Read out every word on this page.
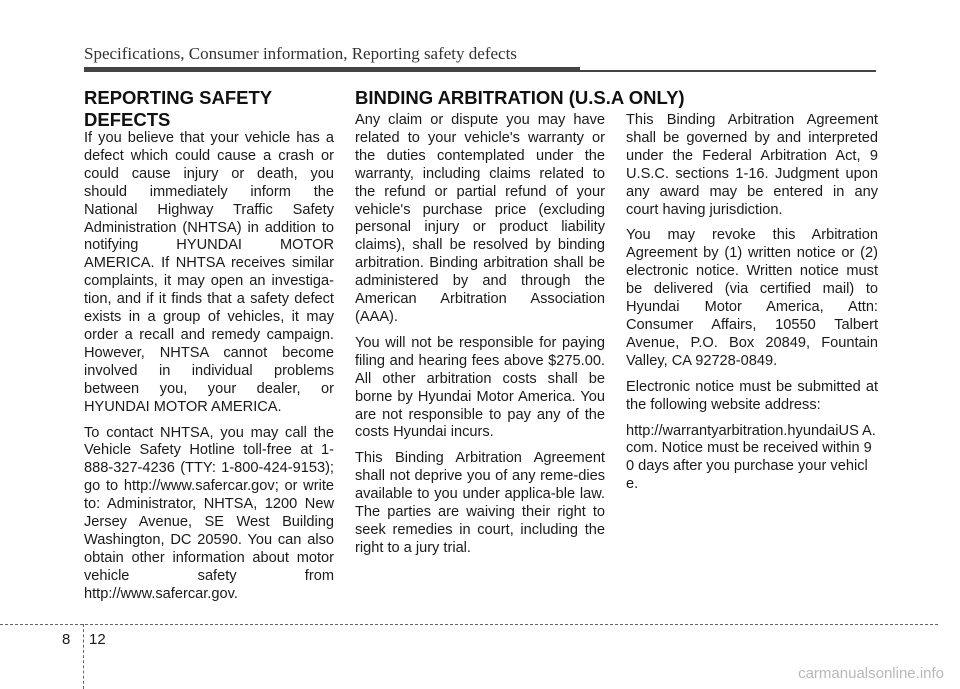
Specifications, Consumer information, Reporting safety defects
REPORTING SAFETY DEFECTS

If you believe that your vehicle has a defect which could cause a crash or could cause injury or death, you should immediately inform the National Highway Traffic Safety Administration (NHTSA) in addition to notifying HYUNDAI MOTOR AMERICA. If NHTSA receives similar complaints, it may open an investiga-tion, and if it finds that a safety defect exists in a group of vehicles, it may order a recall and remedy campaign. However, NHTSA cannot become involved in individual problems between you, your dealer, or HYUNDAI MOTOR AMERICA.

To contact NHTSA, you may call the Vehicle Safety Hotline toll-free at 1-888-327-4236 (TTY: 1-800-424-9153); go to http://www.safercar.gov; or write to: Administrator, NHTSA, 1200 New Jersey Avenue, SE West Building Washington, DC 20590. You can also obtain other information about motor vehicle safety from http://www.safercar.gov.

BINDING ARBITRATION (U.S.A ONLY)

Any claim or dispute you may have related to your vehicle's warranty or the duties contemplated under the warranty, including claims related to the refund or partial refund of your vehicle's purchase price (excluding personal injury or product liability claims), shall be resolved by binding arbitration. Binding arbitration shall be administered by and through the American Arbitration Association (AAA).

You will not be responsible for paying filing and hearing fees above $275.00. All other arbitration costs shall be borne by Hyundai Motor America. You are not responsible to pay any of the costs Hyundai incurs.

This Binding Arbitration Agreement shall not deprive you of any reme-dies available to you under applica-ble law. The parties are waiving their right to seek remedies in court, including the right to a jury trial.

This Binding Arbitration Agreement shall be governed by and interpreted under the Federal Arbitration Act, 9 U.S.C. sections 1-16. Judgment upon any award may be entered in any court having jurisdiction.

You may revoke this Arbitration Agreement by (1) written notice or (2) electronic notice. Written notice must be delivered (via certified mail) to Hyundai Motor America, Attn: Consumer Affairs, 10550 Talbert Avenue, P.O. Box 20849, Fountain Valley, CA 92728-0849.

Electronic notice must be submitted at the following website address:

http://warrantyarbitration.hyundaiUS A. com. Notice must be received within 90 days after you purchase your vehicle.

8 12
carmanualsonline.info
